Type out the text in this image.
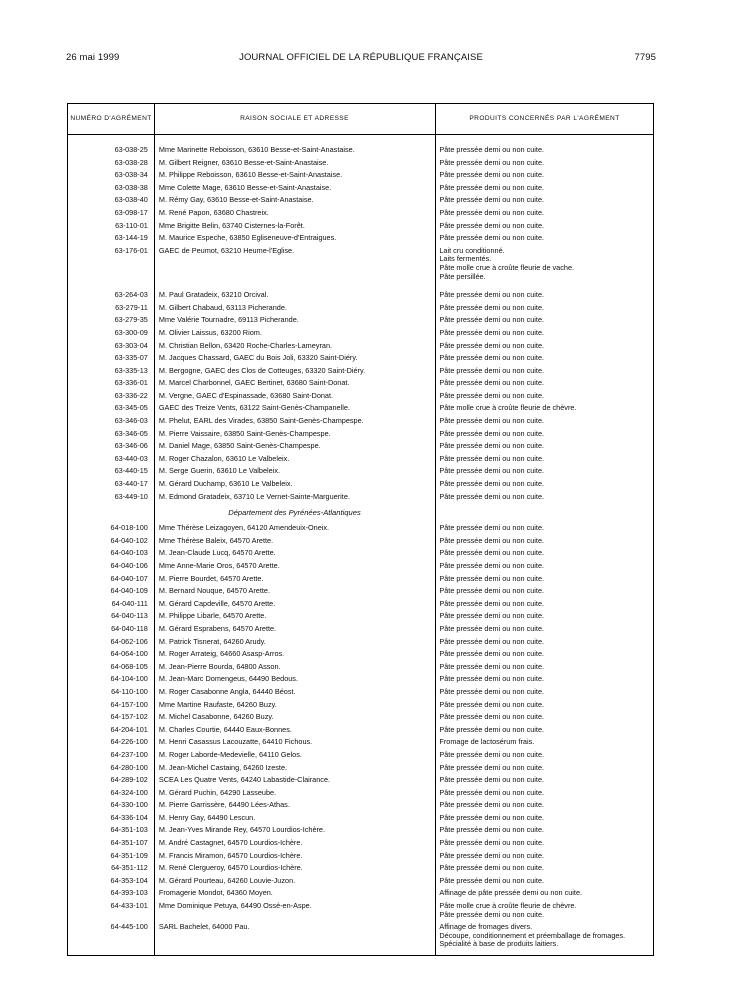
26 mai 1999	JOURNAL OFFICIEL DE LA RÉPUBLIQUE FRANÇAISE	7795
NUMÉRO D'AGRÉMENT	RAISON SOCIALE ET ADRESSE	PRODUITS CONCERNÉS PAR L'AGRÉMENT
63-038-25	Mme Marinette Reboisson, 63610 Besse-et-Saint-Anastaise.	Pâte pressée demi ou non cuite.
63-038-28	M. Gilbert Reigner, 63610 Besse-et-Saint-Anastaise.	Pâte pressée demi ou non cuite.
63-038-34	M. Philippe Reboisson, 63610 Besse-et-Saint-Anastaise.	Pâte pressée demi ou non cuite.
63-038-38	Mme Colette Mage, 63610 Besse-et-Saint-Anastaise.	Pâte pressée demi ou non cuite.
63-038-40	M. Rémy Gay, 63610 Besse-et-Saint-Anastaise.	Pâte pressée demi ou non cuite.
63-098-17	M. René Papon, 63680 Chastreix.	Pâte pressée demi ou non cuite.
63-110-01	Mme Brigitte Belin, 63740 Cisternes-la-Forêt.	Pâte pressée demi ou non cuite.
63-144-19	M. Maurice Espeche, 63850 Egliseneuve-d'Entraigues.	Pâte pressée demi ou non cuite.
63-176-01	GAEC de Peumot, 63210 Heume-l'Eglise.	Lait cru conditionné.
Laits fermentés.
Pâte molle crue à croûte fleurie de vache.
Pâte persillée.
63-264-03	M. Paul Gratadeix, 63210 Orcival.	Pâte pressée demi ou non cuite.
63-279-11	M. Gilbert Chabaud, 63113 Picherande.	Pâte pressée demi ou non cuite.
63-279-35	Mme Valérie Tournadre, 69113 Picherande.	Pâte pressée demi ou non cuite.
63-300-09	M. Olivier Laissus, 63200 Riom.	Pâte pressée demi ou non cuite.
63-303-04	M. Christian Bellon, 63420 Roche-Charles-Lameyran.	Pâte pressée demi ou non cuite.
63-335-07	M. Jacques Chassard, GAEC du Bois Joli, 63320 Saint-Diéry.	Pâte pressée demi ou non cuite.
63-335-13	M. Bergogne, GAEC des Clos de Cotteuges, 63320 Saint-Diéry.	Pâte pressée demi ou non cuite.
63-336-01	M. Marcel Charbonnel, GAEC Bertinet, 63680 Saint-Donat.	Pâte pressée demi ou non cuite.
63-336-22	M. Vergne, GAEC d'Espinassade, 63680 Saint-Donat.	Pâte pressée demi ou non cuite.
63-345-05	GAEC des Treize Vents, 63122 Saint-Genès-Champanelle.	Pâte molle crue à croûte fleurie de chèvre.
63-346-03	M. Phelut, EARL des Virades, 63850 Saint-Genès-Champespe.	Pâte pressée demi ou non cuite.
63-346-05	M. Pierre Vaissaire, 63850 Saint-Genès-Champespe.	Pâte pressée demi ou non cuite.
63-346-06	M. Daniel Mage, 63850 Saint-Genès-Champespe.	Pâte pressée demi ou non cuite.
63-440-03	M. Roger Chazalon, 63610 Le Valbeleix.	Pâte pressée demi ou non cuite.
63-440-15	M. Serge Guerin, 63610 Le Valbeleix.	Pâte pressée demi ou non cuite.
63-440-17	M. Gérard Duchamp, 63610 Le Valbeleix.	Pâte pressée demi ou non cuite.
63-449-10	M. Edmond Gratadeix, 63710 Le Vernet-Sainte-Marguerite.	Pâte pressée demi ou non cuite.
Département des Pyrénées-Atlantiques
64-018-100	Mme Thérèse Leizagoyen, 64120 Amendeuix-Oneix.	Pâte pressée demi ou non cuite.
64-040-102	Mme Thérèse Baleix, 64570 Arette.	Pâte pressée demi ou non cuite.
64-040-103	M. Jean-Claude Lucq, 64570 Arette.	Pâte pressée demi ou non cuite.
64-040-106	Mme Anne-Marie Oros, 64570 Arette.	Pâte pressée demi ou non cuite.
64-040-107	M. Pierre Bourdet, 64570 Arette.	Pâte pressée demi ou non cuite.
64-040-109	M. Bernard Nouque, 64570 Arette.	Pâte pressée demi ou non cuite.
64-040-111	M. Gérard Capdeville, 64570 Arette.	Pâte pressée demi ou non cuite.
64-040-113	M. Philippe Libarle, 64570 Arette.	Pâte pressée demi ou non cuite.
64-040-118	M. Gérard Esprabens, 64570 Arette.	Pâte pressée demi ou non cuite.
64-062-106	M. Patrick Tisnerat, 64260 Arudy.	Pâte pressée demi ou non cuite.
64-064-100	M. Roger Arrateig, 64660 Asasp-Arros.	Pâte pressée demi ou non cuite.
64-068-105	M. Jean-Pierre Bourda, 64800 Asson.	Pâte pressée demi ou non cuite.
64-104-100	M. Jean-Marc Domengeus, 64490 Bedous.	Pâte pressée demi ou non cuite.
64-110-100	M. Roger Casabonne Angla, 64440 Béost.	Pâte pressée demi ou non cuite.
64-157-100	Mme Martine Raufaste, 64260 Buzy.	Pâte pressée demi ou non cuite.
64-157-102	M. Michel Casabonne, 64260 Buzy.	Pâte pressée demi ou non cuite.
64-204-101	M. Charles Courtie, 64440 Eaux-Bonnes.	Pâte pressée demi ou non cuite.
64-226-100	M. Henri Casassus Lacouzatte, 64410 Fichous.	Fromage de lactosérum frais.
64-237-100	M. Roger Laborde-Medevielle, 64110 Gelos.	Pâte pressée demi ou non cuite.
64-280-100	M. Jean-Michel Castaing, 64260 Izeste.	Pâte pressée demi ou non cuite.
64-289-102	SCEA Les Quatre Vents, 64240 Labastide-Clairance.	Pâte pressée demi ou non cuite.
64-324-100	M. Gérard Puchin, 64290 Lasseube.	Pâte pressée demi ou non cuite.
64-330-100	M. Pierre Garrissère, 64490 Lées-Athas.	Pâte pressée demi ou non cuite.
64-336-104	M. Henry Gay, 64490 Lescun.	Pâte pressée demi ou non cuite.
64-351-103	M. Jean-Yves Mirande Rey, 64570 Lourdios-Ichère.	Pâte pressée demi ou non cuite.
64-351-107	M. André Castagnet, 64570 Lourdios-Ichère.	Pâte pressée demi ou non cuite.
64-351-109	M. Francis Miramon, 64570 Lourdios-Ichère.	Pâte pressée demi ou non cuite.
64-351-112	M. René Clergueroy, 64570 Lourdios-Ichère.	Pâte pressée demi ou non cuite.
64-353-104	M. Gérard Pourteau, 64260 Louvie-Juzon.	Pâte pressée demi ou non cuite.
64-393-103	Fromagerie Mondot, 64360 Moyen.	Affinage de pâte pressée demi ou non cuite.
64-433-101	Mme Dominique Petuya, 64490 Ossé-en-Aspe.	Pâte molle crue à croûte fleurie de chèvre.
Pâte pressée demi ou non cuite.
64-445-100	SARL Bachelet, 64000 Pau.	Affinage de fromages divers.
Découpe, conditionnement et préemballage de fromages.
Spécialité à base de produits laitiers.
